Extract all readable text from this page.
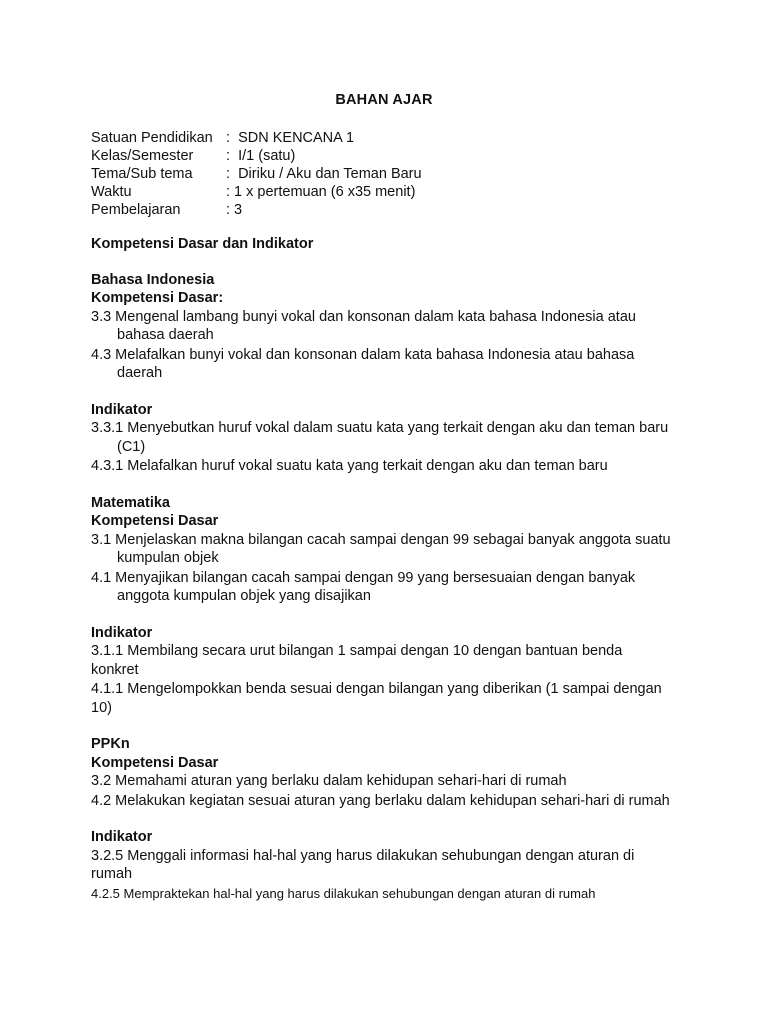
BAHAN AJAR
Satuan Pendidikan :  SDN KENCANA 1
Kelas/Semester	:  I/1 (satu)
Tema/Sub tema	:  Diriku / Aku dan Teman Baru
Waktu	: 1 x pertemuan (6 x35 menit)
Pembelajaran	: 3
Kompetensi Dasar dan Indikator
Bahasa Indonesia
Kompetensi Dasar:
3.3 Mengenal lambang bunyi vokal dan konsonan dalam kata bahasa Indonesia atau bahasa daerah
4.3 Melafalkan bunyi vokal dan konsonan dalam kata bahasa Indonesia atau bahasa daerah
Indikator
3.3.1 Menyebutkan huruf vokal dalam suatu kata yang terkait dengan aku dan teman baru (C1)
4.3.1 Melafalkan huruf vokal suatu kata yang terkait dengan aku dan teman baru
Matematika
Kompetensi Dasar
3.1 Menjelaskan makna bilangan cacah sampai dengan 99 sebagai banyak anggota suatu kumpulan objek
4.1 Menyajikan bilangan cacah sampai dengan 99 yang bersesuaian dengan banyak anggota kumpulan objek yang disajikan
Indikator
3.1.1 Membilang secara urut bilangan 1 sampai dengan 10 dengan bantuan benda konkret
4.1.1 Mengelompokkan benda sesuai dengan bilangan yang diberikan (1 sampai dengan 10)
PPKn
Kompetensi Dasar
3.2 Memahami aturan yang berlaku dalam kehidupan sehari-hari di rumah
4.2 Melakukan kegiatan sesuai aturan yang berlaku dalam kehidupan sehari-hari di rumah
Indikator
3.2.5 Menggali informasi hal-hal yang harus dilakukan sehubungan dengan aturan di rumah
4.2.5 Mempraktekan hal-hal yang harus dilakukan sehubungan dengan aturan di rumah
